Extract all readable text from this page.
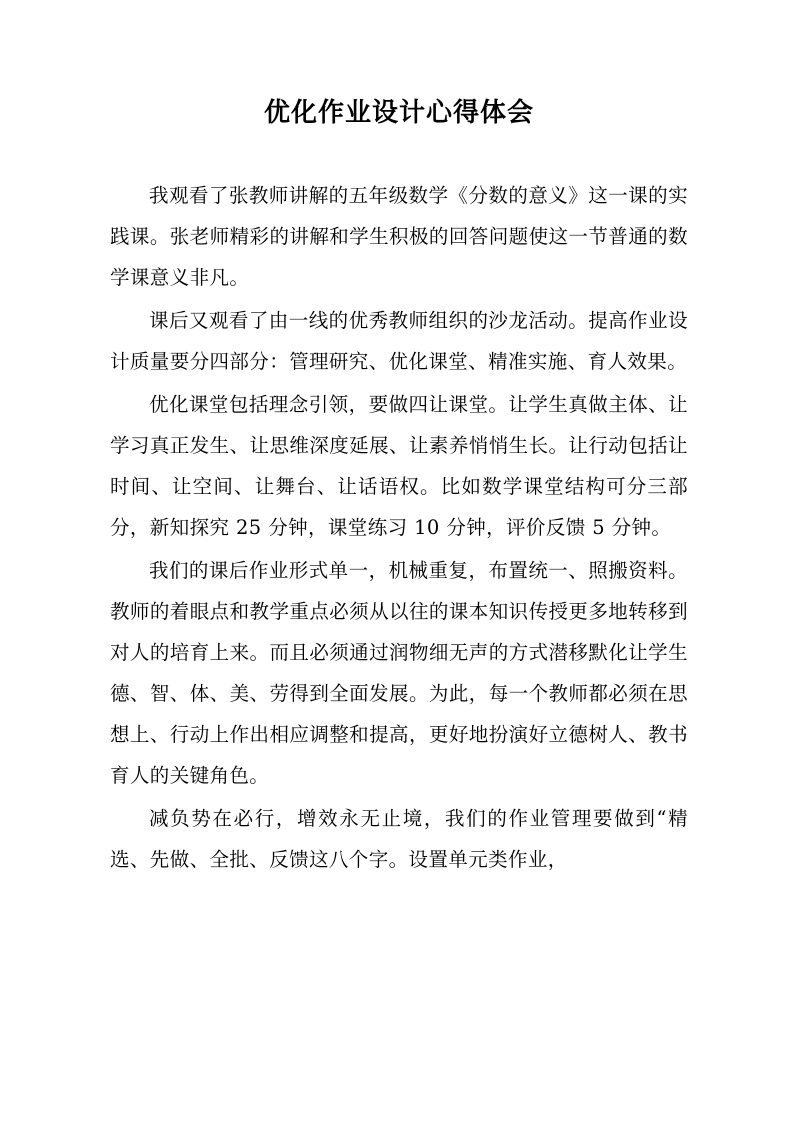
优化作业设计心得体会

我观看了张教师讲解的五年级数学《分数的意义》这一课的实践课。张老师精彩的讲解和学生积极的回答问题使这一节普通的数学课意义非凡。

课后又观看了由一线的优秀教师组织的沙龙活动。提高作业设计质量要分四部分：管理研究、优化课堂、精准实施、育人效果。

优化课堂包括理念引领，要做四让课堂。让学生真做主体、让学习真正发生、让思维深度延展、让素养悄悄生长。让行动包括让时间、让空间、让舞台、让话语权。比如数学课堂结构可分三部分，新知探究 25 分钟，课堂练习 10 分钟，评价反馈 5 分钟。

我们的课后作业形式单一，机械重复，布置统一、照搬资料。教师的着眼点和教学重点必须从以往的课本知识传授更多地转移到对人的培育上来。而且必须通过润物细无声的方式潜移默化让学生德、智、体、美、劳得到全面发展。为此，每一个教师都必须在思想上、行动上作出相应调整和提高，更好地扮演好立德树人、教书育人的关键角色。

减负势在必行，增效永无止境，我们的作业管理要做到“精选、先做、全批、反馈这八个字。设置单元类作业，
